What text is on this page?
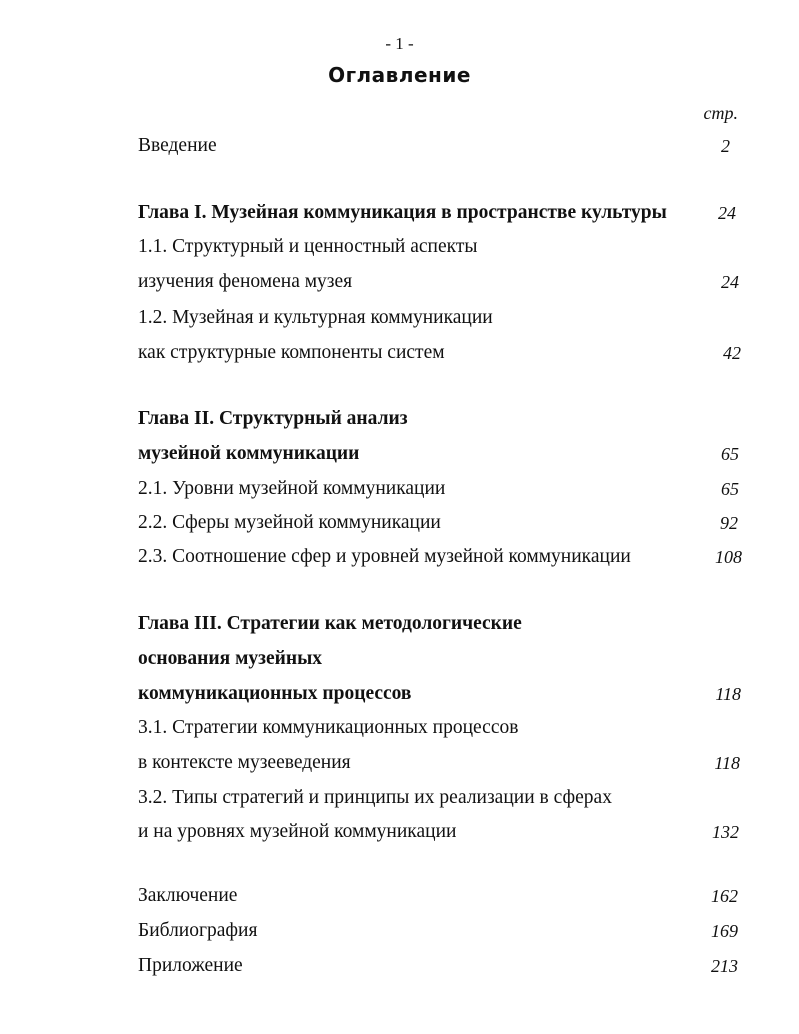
- 1 -
Оглавление
стр.
Введение	2
Глава I. Музейная коммуникация в пространстве культуры	24
1.1. Структурный и ценностный аспекты
изучения феномена музея	24
1.2. Музейная и культурная коммуникации
как структурные компоненты систем	42
Глава II. Структурный анализ
музейной коммуникации	65
2.1. Уровни музейной коммуникации	65
2.2. Сферы музейной коммуникации	92
2.3. Соотношение сфер и уровней музейной коммуникации	108
Глава III. Стратегии как методологические
основания музейных
коммуникационных процессов	118
3.1. Стратегии коммуникационных процессов
в контексте музееведения	118
3.2. Типы стратегий и принципы их реализации в сферах
и на уровнях музейной коммуникации	132
Заключение	162
Библиография	169
Приложение	213
